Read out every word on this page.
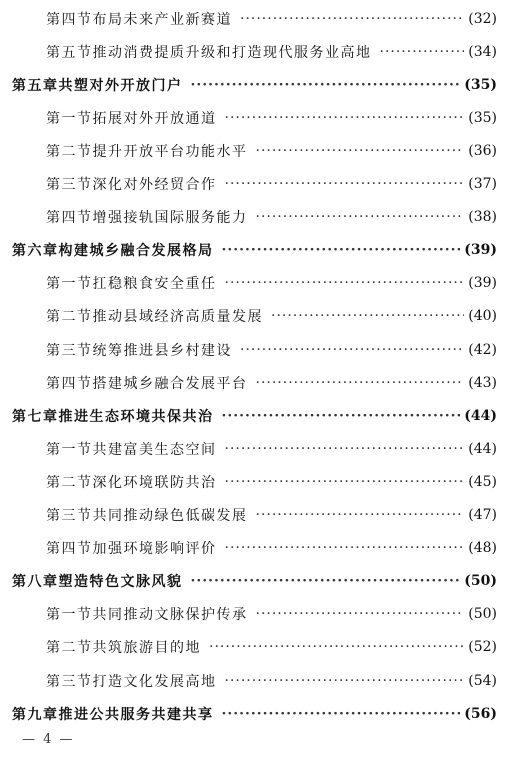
第四节 布局未来产业新赛道 ·····	(32)
第五节 推动消费提质升级和打造现代服务业高地 ·····	(34)
第五章 共塑对外开放门户 ·····	(35)
第一节 拓展对外开放通道 ·····	(35)
第二节 提升开放平台功能水平 ·····	(36)
第三节 深化对外经贸合作 ·····	(37)
第四节 增强接轨国际服务能力 ·····	(38)
第六章 构建城乡融合发展格局 ·····	(39)
第一节 扛稳粮食安全重任 ·····	(39)
第二节 推动县域经济高质量发展 ·····	(40)
第三节 统筹推进县乡村建设 ·····	(42)
第四节 搭建城乡融合发展平台 ·····	(43)
第七章 推进生态环境共保共治 ·····	(44)
第一节 共建富美生态空间 ·····	(44)
第二节 深化环境联防共治 ·····	(45)
第三节 共同推动绿色低碳发展 ·····	(47)
第四节 加强环境影响评价 ·····	(48)
第八章 塑造特色文脉风貌 ·····	(50)
第一节 共同推动文脉保护传承 ·····	(50)
第二节 共筑旅游目的地 ·····	(52)
第三节 打造文化发展高地 ·····	(54)
第九章 推进公共服务共建共享 ·····	(56)
— 4 —
